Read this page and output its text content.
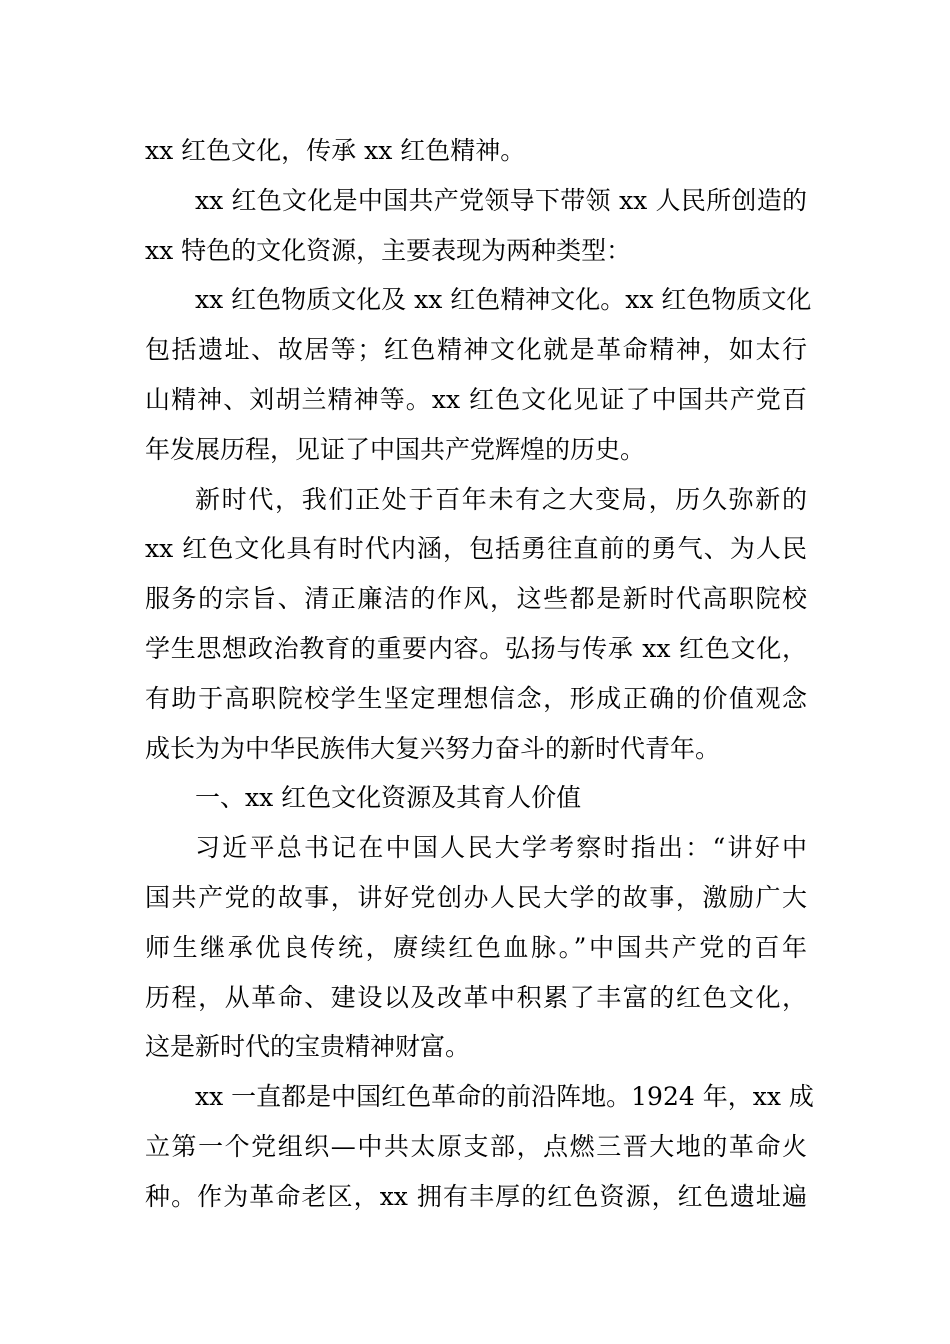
xx 红色文化，传承 xx 红色精神。
xx 红色文化是中国共产党领导下带领 xx 人民所创造的
xx 特色的文化资源，主要表现为两种类型：
xx 红色物质文化及 xx 红色精神文化。xx 红色物质文化
包括遗址、故居等；红色精神文化就是革命精神，如太行
山精神、刘胡兰精神等。xx 红色文化见证了中国共产党百
年发展历程，见证了中国共产党辉煌的历史。
新时代，我们正处于百年未有之大变局，历久弥新的
xx 红色文化具有时代内涵，包括勇往直前的勇气、为人民
服务的宗旨、清正廉洁的作风，这些都是新时代高职院校
学生思想政治教育的重要内容。弘扬与传承 xx 红色文化，
有助于高职院校学生坚定理想信念，形成正确的价值观念
成长为为中华民族伟大复兴努力奋斗的新时代青年。
一、xx 红色文化资源及其育人价值
习近平总书记在中国人民大学考察时指出：“讲好中
国共产党的故事，讲好党创办人民大学的故事，激励广大
师生继承优良传统，赓续红色血脉。”中国共产党的百年
历程，从革命、建设以及改革中积累了丰富的红色文化，
这是新时代的宝贵精神财富。
xx 一直都是中国红色革命的前沿阵地。1924 年，xx 成
立第一个党组织—中共太原支部，点燃三晋大地的革命火
种。作为革命老区，xx 拥有丰厚的红色资源，红色遗址遍
